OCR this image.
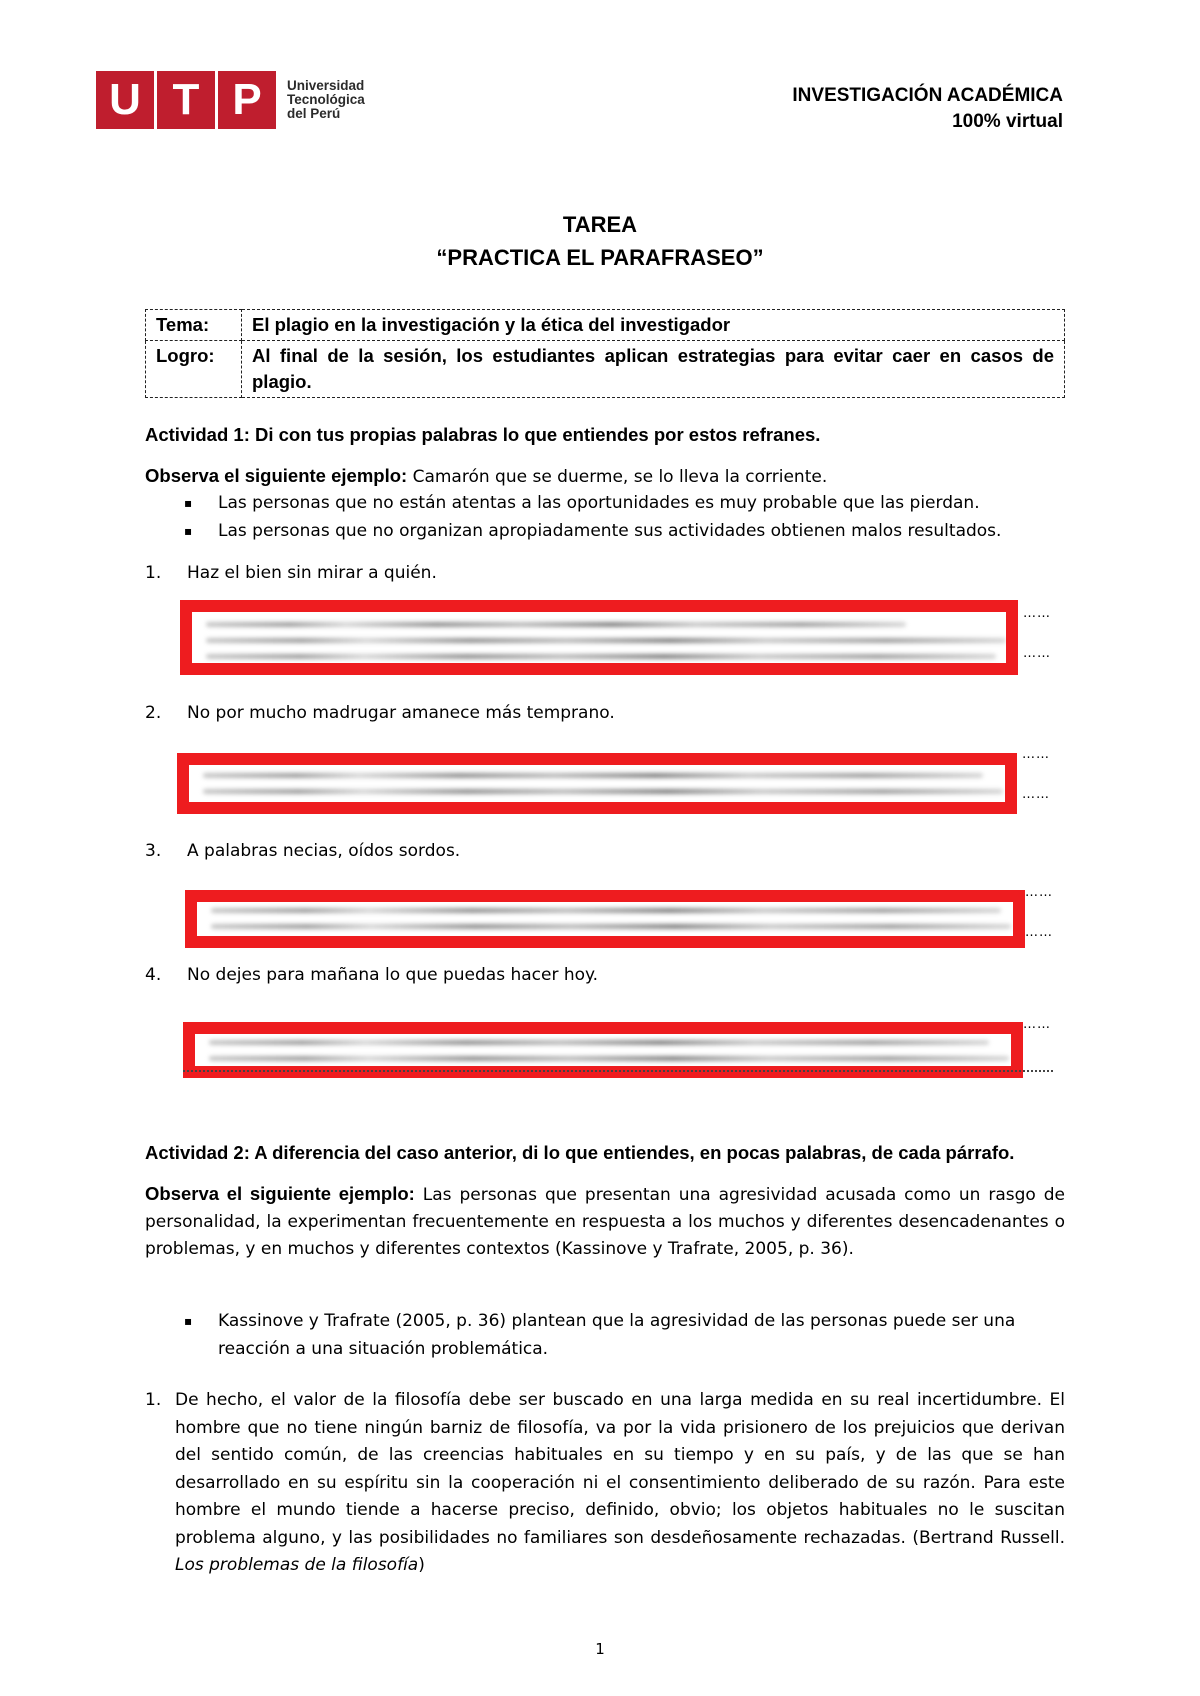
U T P	Universidad
Tecnológica
del Perú
INVESTIGACIÓN ACADÉMICA
100% virtual
TAREA
“PRACTICA EL PARAFRASEO”
Tema:	El plagio en la investigación y la ética del investigador
Logro:	Al final de la sesión, los estudiantes aplican estrategias para evitar caer en casos de plagio.
Actividad 1: Di con tus propias palabras lo que entiendes por estos refranes.
Observa el siguiente ejemplo: Camarón que se duerme, se lo lleva la corriente.
▪ Las personas que no están atentas a las oportunidades es muy probable que las pierdan.
▪ Las personas que no organizan apropiadamente sus actividades obtienen malos resultados.
1. Haz el bien sin mirar a quién.
……
……
2. No por mucho madrugar amanece más temprano.
……
……
3. A palabras necias, oídos sordos.
……
……
4. No dejes para mañana lo que puedas hacer hoy.
……
Actividad 2: A diferencia del caso anterior, di lo que entiendes, en pocas palabras, de cada párrafo.
Observa el siguiente ejemplo: Las personas que presentan una agresividad acusada como un rasgo de personalidad, la experimentan frecuentemente en respuesta a los muchos y diferentes desencadenantes o problemas, y en muchos y diferentes contextos (Kassinove y Trafrate, 2005, p. 36).
▪ Kassinove y Trafrate (2005, p. 36) plantean que la agresividad de las personas puede ser una reacción a una situación problemática.
1. De hecho, el valor de la filosofía debe ser buscado en una larga medida en su real incertidumbre. El hombre que no tiene ningún barniz de filosofía, va por la vida prisionero de los prejuicios que derivan del sentido común, de las creencias habituales en su tiempo y en su país, y de las que se han desarrollado en su espíritu sin la cooperación ni el consentimiento deliberado de su razón. Para este hombre el mundo tiende a hacerse preciso, definido, obvio; los objetos habituales no le suscitan problema alguno, y las posibilidades no familiares son desdeñosamente rechazadas. (Bertrand Russell. Los problemas de la filosofía)
1
